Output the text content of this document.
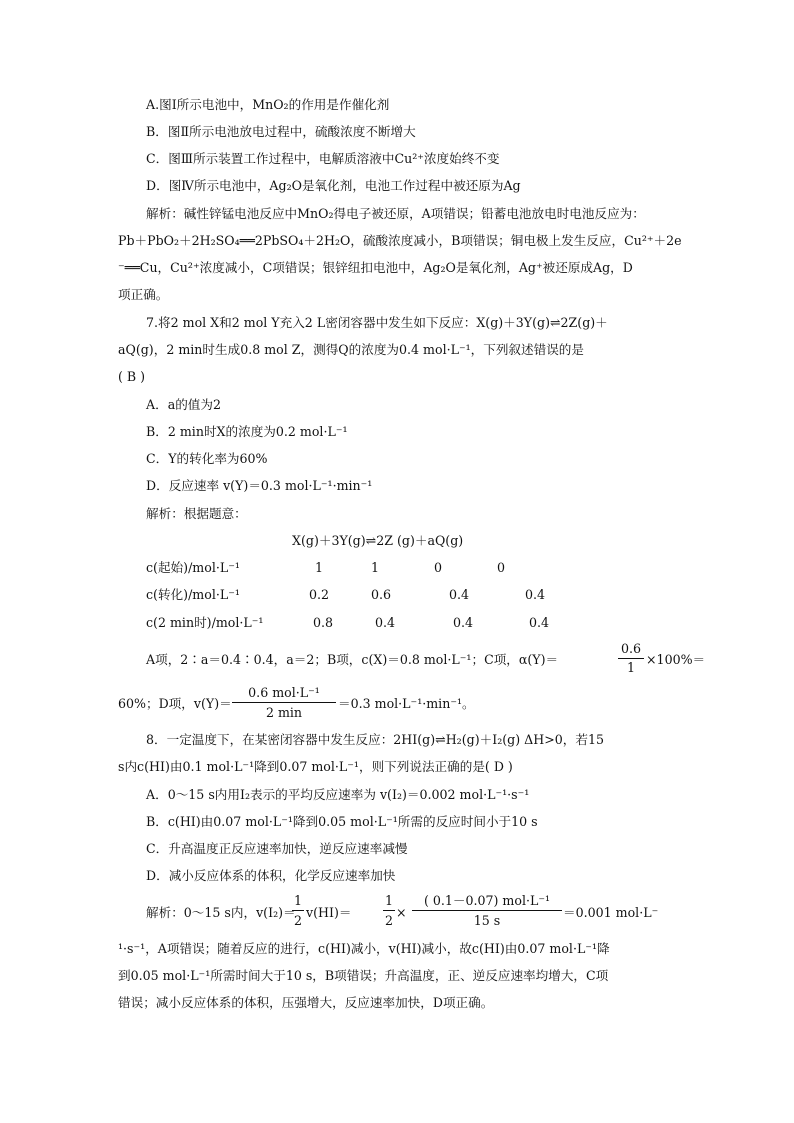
A.图Ⅰ所示电池中，MnO₂的作用是作催化剂
B．图Ⅱ所示电池放电过程中，硫酸浓度不断增大
C．图Ⅲ所示装置工作过程中，电解质溶液中Cu²⁺浓度始终不变
D．图Ⅳ所示电池中，Ag₂O是氧化剂，电池工作过程中被还原为Ag
解析：碱性锌锰电池反应中MnO₂得电子被还原，A项错误；铅蓄电池放电时电池反应为：
Pb＋PbO₂＋2H₂SO₄══2PbSO₄＋2H₂O，硫酸浓度减小，B项错误；铜电极上发生反应，Cu²⁺＋2e
⁻══Cu，Cu²⁺浓度减小，C项错误；银锌纽扣电池中，Ag₂O是氧化剂，Ag⁺被还原成Ag，D
项正确。
7.将2 mol X和2 mol Y充入2 L密闭容器中发生如下反应：X(g)＋3Y(g)⇌2Z(g)＋
aQ(g)，2 min时生成0.8 mol Z，测得Q的浓度为0.4 mol·L⁻¹，下列叙述错误的是
( B )
A．a的值为2
B．2 min时X的浓度为0.2 mol·L⁻¹
C．Y的转化率为60%
D．反应速率 v(Y)＝0.3 mol·L⁻¹·min⁻¹
解析：根据题意：
X(g)＋3Y(g)⇌2Z (g)＋aQ(g)
c(起始)/mol·L⁻¹	1	1	0	0
c(转化)/mol·L⁻¹	0.2	0.6	0.4	0.4
c(2 min时)/mol·L⁻¹	0.8	0.4	0.4	0.4
A项，2∶a＝0.4∶0.4，a＝2；B项，c(X)＝0.8 mol·L⁻¹；C项，α(Y)＝
0.6
1
×100%＝
60%；D项，v(Y)＝
0.6 mol·L⁻¹
2 min
＝0.3 mol·L⁻¹·min⁻¹。
8．一定温度下，在某密闭容器中发生反应：2HI(g)⇌H₂(g)＋I₂(g) ΔH>0，若15
s内c(HI)由0.1 mol·L⁻¹降到0.07 mol·L⁻¹，则下列说法正确的是( D )
A．0～15 s内用I₂表示的平均反应速率为 v(I₂)＝0.002 mol·L⁻¹·s⁻¹
B．c(HI)由0.07 mol·L⁻¹降到0.05 mol·L⁻¹所需的反应时间小于10 s
C．升高温度正反应速率加快，逆反应速率减慢
D．减小反应体系的体积，化学反应速率加快
解析：0～15 s内，v(I₂)＝
1
2
v(HI)＝
1
2
×
( 0.1－0.07) mol·L⁻¹
15 s
＝0.001 mol·L⁻
¹·s⁻¹，A项错误；随着反应的进行，c(HI)减小，v(HI)减小，故c(HI)由0.07 mol·L⁻¹降
到0.05 mol·L⁻¹所需时间大于10 s，B项错误；升高温度，正、逆反应速率均增大，C项
错误；减小反应体系的体积，压强增大，反应速率加快，D项正确。
